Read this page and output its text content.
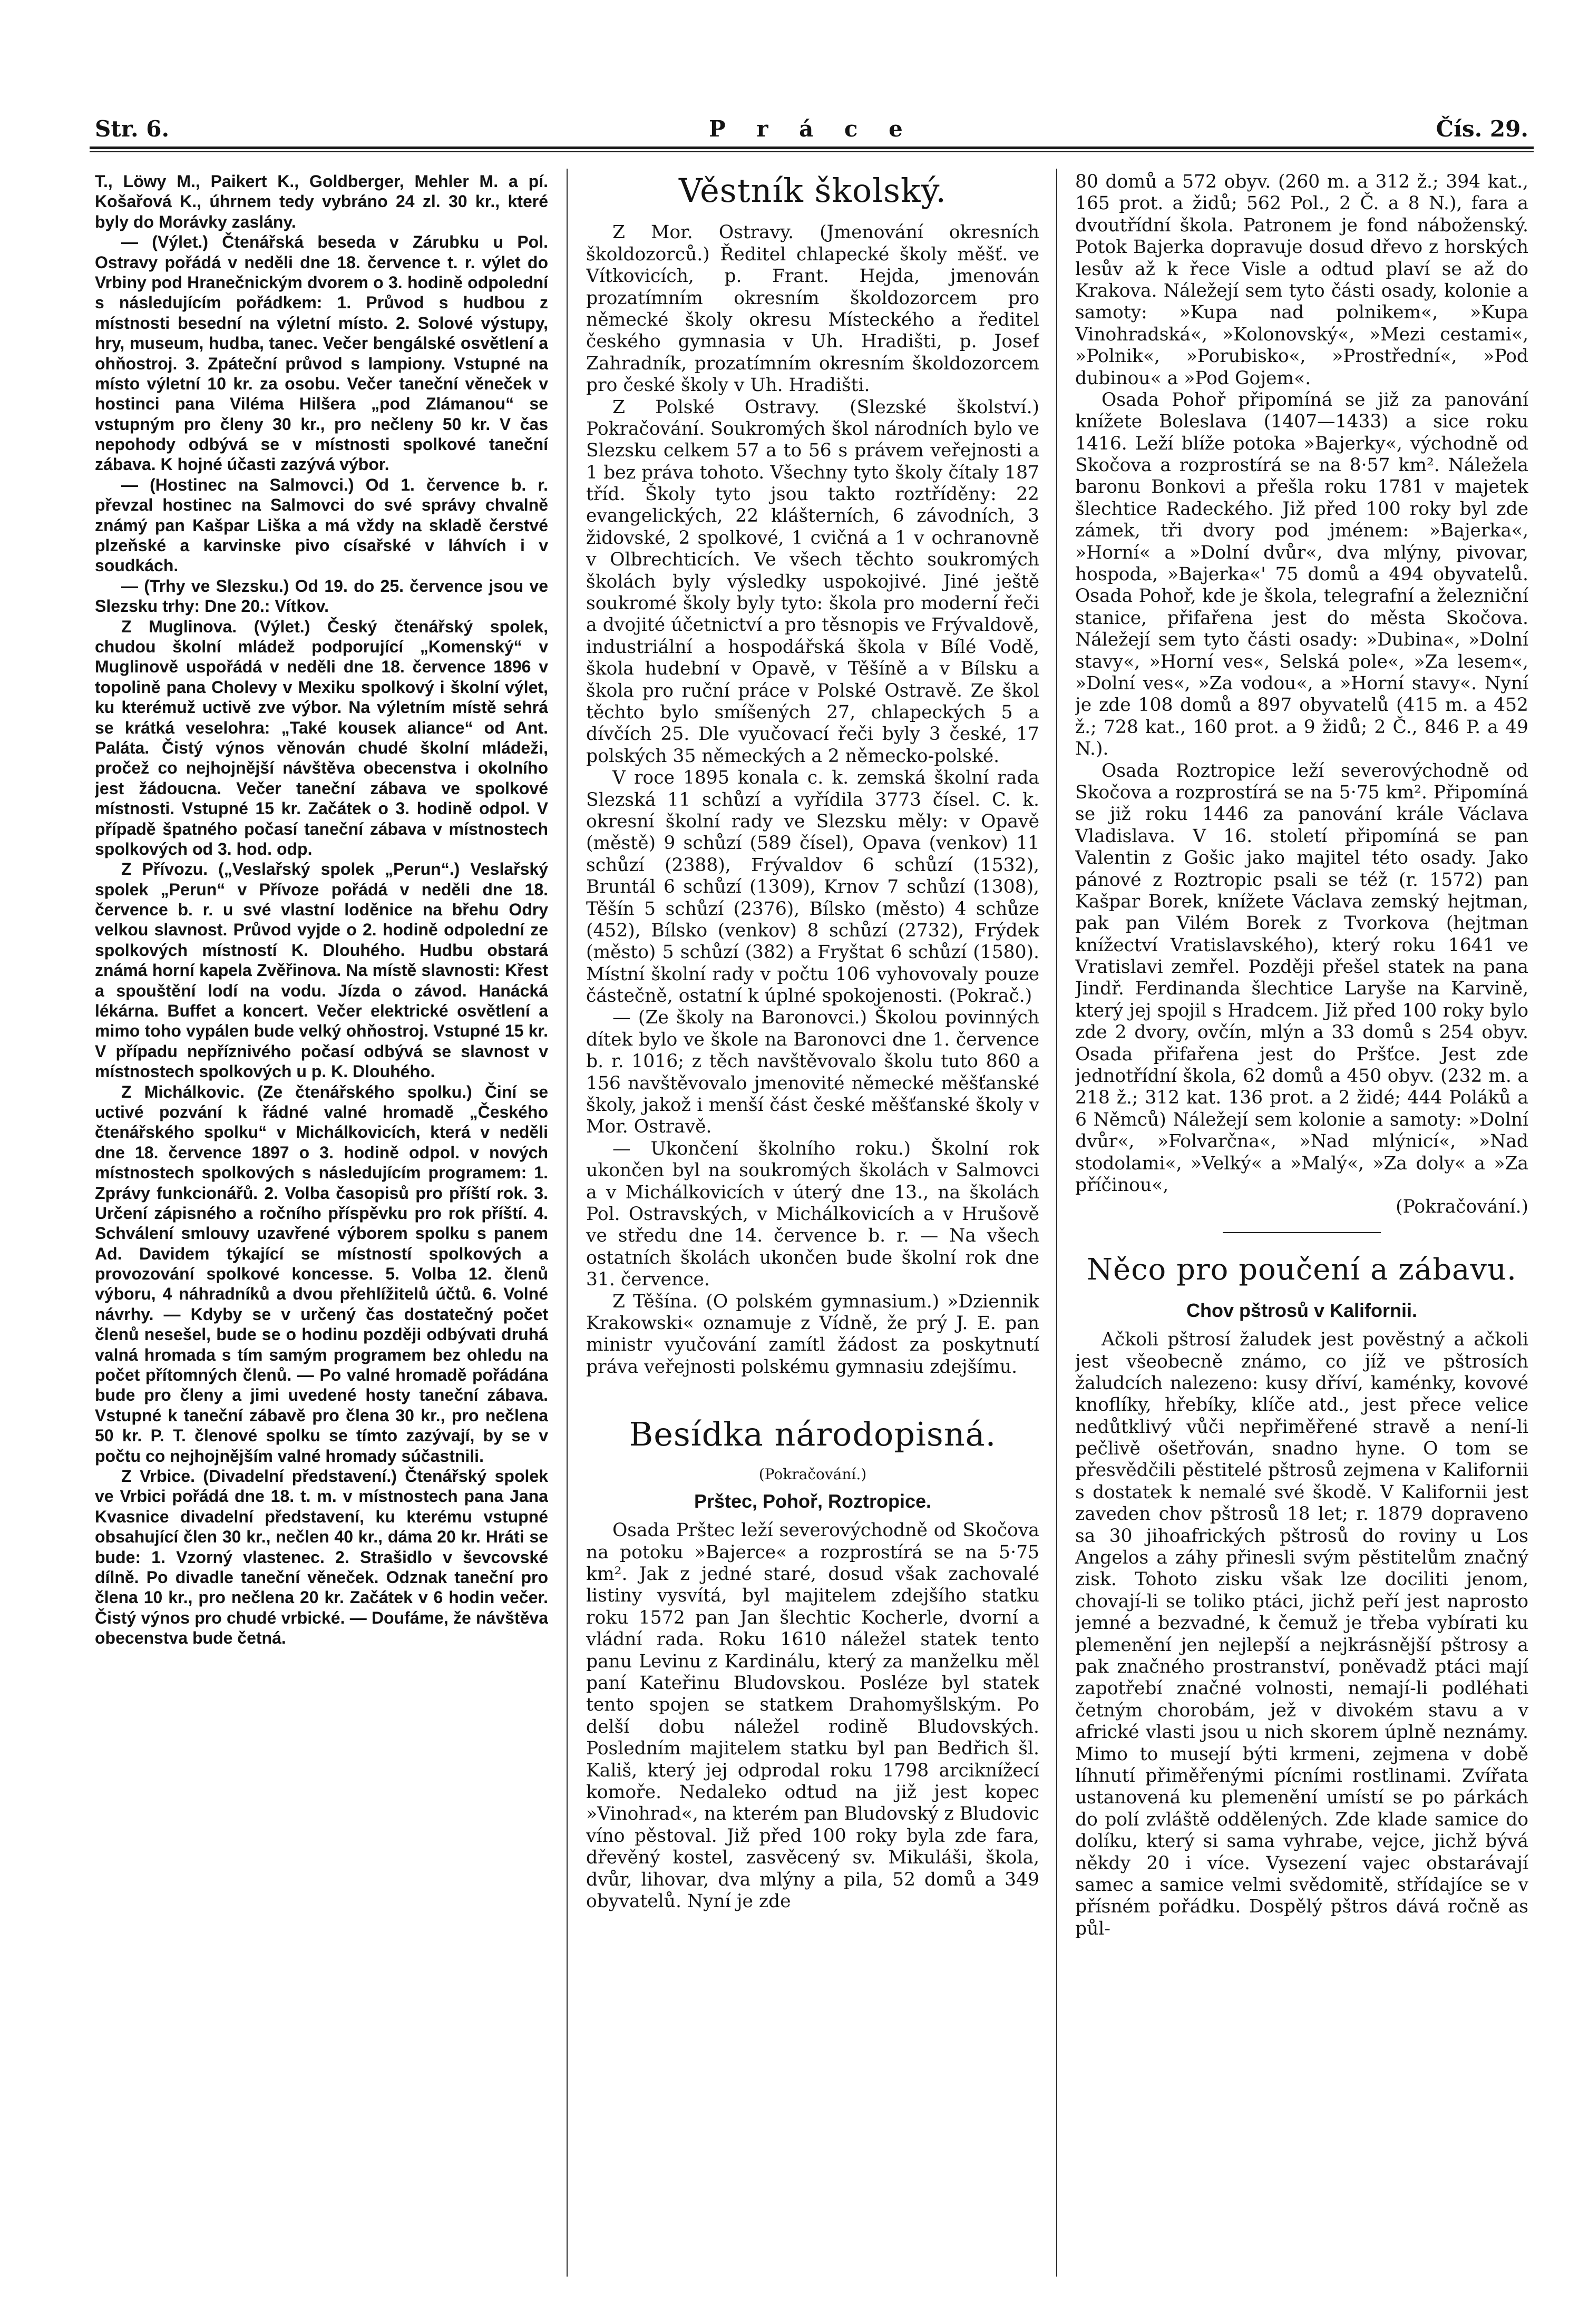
Str. 6.	P r á c e	Čís. 29.

T., Löwy M., Paikert K., Goldberger, Mehler M. a pí. Košařová K., úhrnem tedy vybráno 24 zl. 30 kr., které byly do Morávky zaslány.

— (Výlet.) Čtenářská beseda v Zárubku u Pol. Ostravy pořádá v neděli dne 18. července t. r. výlet do Vrbiny pod Hranečnickým dvorem o 3. hodině odpolední s následujícím pořádkem: 1. Průvod s hudbou z místnosti besední na výletní místo. 2. Solové výstupy, hry, museum, hudba, tanec. Večer bengálské osvětlení a ohňostroj. 3. Zpáteční průvod s lampiony. Vstupné na místo výletní 10 kr. za osobu. Večer taneční věneček v hostinci pana Viléma Hilšera „pod Zlámanou“ se vstupným pro členy 30 kr., pro nečleny 50 kr. V čas nepohody odbývá se v místnosti spolkové taneční zábava. K hojné účasti zazývá výbor.

— (Hostinec na Salmovci.) Od 1. července b. r. převzal hostinec na Salmovci do své správy chvalně známý pan Kašpar Liška a má vždy na skladě čerstvé plzeňské a karvinske pivo císařské v láhvích i v soudkách.

— (Trhy ve Slezsku.) Od 19. do 25. července jsou ve Slezsku trhy: Dne 20.: Vítkov.

Z Muglinova. (Výlet.) Český čtenářský spolek, chudou školní mládež podporující „Komenský“ v Muglinově uspořádá v neděli dne 18. července 1896 v topolině pana Cholevy v Mexiku spolkový i školní výlet, ku kterémuž uctivě zve výbor. Na výletním místě sehrá se krátká veselohra: „Také kousek aliance“ od Ant. Paláta. Čistý výnos věnován chudé školní mládeži, pročež co nejhojnější návštěva obecenstva i okolního jest žádoucna. Večer taneční zábava ve spolkové místnosti. Vstupné 15 kr. Začátek o 3. hodině odpol. V případě špatného počasí taneční zábava v místnostech spolkových od 3. hod. odp.

Z Přívozu. („Veslařský spolek „Perun“.) Veslařský spolek „Perun“ v Přívoze pořádá v neděli dne 18. července b. r. u své vlastní loděnice na břehu Odry velkou slavnost. Průvod vyjde o 2. hodině odpolední ze spolkových místností K. Dlouhého. Hudbu obstará známá horní kapela Zvěřinova. Na místě slavnosti: Křest a spouštění lodí na vodu. Jízda o závod. Hanácká lékárna. Buffet a koncert. Večer elektrické osvětlení a mimo toho vypálen bude velký ohňostroj. Vstupné 15 kr. V případu nepříznivého počasí odbývá se slavnost v místnostech spolkových u p. K. Dlouhého.

Z Michálkovic. (Ze čtenářského spolku.) Činí se uctivé pozvání k řádné valné hromadě „Českého čtenářského spolku“ v Michálkovicích, která v neděli dne 18. července 1897 o 3. hodině odpol. v nových místnostech spolkových s následujícím programem: 1. Zprávy funkcionářů. 2. Volba časopisů pro příští rok. 3. Určení zápisného a ročního příspěvku pro rok příští. 4. Schválení smlouvy uzavřené výborem spolku s panem Ad. Davidem týkající se místností spolkových a provozování spolkové koncesse. 5. Volba 12. členů výboru, 4 náhradníků a dvou přehlížitelů účtů. 6. Volné návrhy. — Kdyby se v určený čas dostatečný počet členů nesešel, bude se o hodinu později odbývati druhá valná hromada s tím samým programem bez ohledu na počet přítomných členů. — Po valné hromadě pořádána bude pro členy a jimi uvedené hosty taneční zábava. Vstupné k taneční zábavě pro člena 30 kr., pro nečlena 50 kr. P. T. členové spolku se tímto zazývají, by se v počtu co nejhojnějším valné hromady súčastnili.

Z Vrbice. (Divadelní představení.) Čtenářský spolek ve Vrbici pořádá dne 18. t. m. v místnostech pana Jana Kvasnice divadelní představení, ku kterému vstupné obsahující člen 30 kr., nečlen 40 kr., dáma 20 kr. Hráti se bude: 1. Vzorný vlastenec. 2. Strašidlo v ševcovské dílně. Po divadle taneční věneček. Odznak taneční pro člena 10 kr., pro nečlena 20 kr. Začátek v 6 hodin večer. Čistý výnos pro chudé vrbické. — Doufáme, že návštěva obecenstva bude četná.

Věstník školský.

Z Mor. Ostravy. (Jmenování okresních školdozorců.) Ředitel chlapecké školy měšť. ve Vítkovicích, p. Frant. Hejda, jmenován prozatímním okresním školdozorcem pro německé školy okresu Místeckého a ředitel českého gymnasia v Uh. Hradišti, p. Josef Zahradník, prozatímním okresním školdozorcem pro české školy v Uh. Hradišti.

Z Polské Ostravy. (Slezské školství.) Pokračování. Soukromých škol národních bylo ve Slezsku celkem 57 a to 56 s právem veřejnosti a 1 bez práva tohoto. Všechny tyto školy čítaly 187 tříd. Školy tyto jsou takto roztříděny: 22 evangelických, 22 klášterních, 6 závodních, 3 židovské, 2 spolkové, 1 cvičná a 1 v ochranovně v Olbrechticích. Ve všech těchto soukromých školách byly výsledky uspokojivé. Jiné ještě soukromé školy byly tyto: škola pro moderní řeči a dvojité účetnictví a pro těsnopis ve Frývaldově, industriální a hospodářská škola v Bílé Vodě, škola hudební v Opavě, v Těšíně a v Bílsku a škola pro ruční práce v Polské Ostravě. Ze škol těchto bylo smíšených 27, chlapeckých 5 a dívčích 25. Dle vyučovací řeči byly 3 české, 17 polských 35 německých a 2 německo-polské.

V roce 1895 konala c. k. zemská školní rada Slezská 11 schůzí a vyřídila 3773 čísel. C. k. okresní školní rady ve Slezsku měly: v Opavě (městě) 9 schůzí (589 čísel), Opava (venkov) 11 schůzí (2388), Frývaldov 6 schůzí (1532), Bruntál 6 schůzí (1309), Krnov 7 schůzí (1308), Těšín 5 schůzí (2376), Bílsko (město) 4 schůze (452), Bílsko (venkov) 8 schůzí (2732), Frýdek (město) 5 schůzí (382) a Fryštat 6 schůzí (1580). Místní školní rady v počtu 106 vyhovovaly pouze částečně, ostatní k úplné spokojenosti. (Pokrač.)

— (Ze školy na Baronovci.) Školou povinných dítek bylo ve škole na Baronovci dne 1. července b. r. 1016; z těch navštěvovalo školu tuto 860 a 156 navštěvovalo jmenovité německé měšťanské školy, jakož i menší část české měšťanské školy v Mor. Ostravě.

— Ukončení školního roku.) Školní rok ukončen byl na soukromých školách v Salmovci a v Michálkovicích v úterý dne 13., na školách Pol. Ostravských, v Michálkovicích a v Hrušově ve středu dne 14. července b. r. — Na všech ostatních školách ukončen bude školní rok dne 31. července.

Z Těšína. (O polském gymnasium.) »Dziennik Krakowski« oznamuje z Vídně, že prý J. E. pan ministr vyučování zamítl žádost za poskytnutí práva veřejnosti polskému gymnasiu zdejšímu.

Besídka národopisná.
(Pokračování.)
Prštec, Pohoř, Roztropice.

Osada Prštec leží severovýchodně od Skočova na potoku »Bajerce« a rozprostírá se na 5·75 km². Jak z jedné staré, dosud však zachovalé listiny vysvítá, byl majitelem zdejšího statku roku 1572 pan Jan šlechtic Kocherle, dvorní a vládní rada. Roku 1610 náležel statek tento panu Levinu z Kardinálu, který za manželku měl paní Kateřinu Bludovskou. Posléze byl statek tento spojen se statkem Drahomyšlským. Po delší dobu náležel rodině Bludovských. Posledním majitelem statku byl pan Bedřich šl. Kališ, který jej odprodal roku 1798 arciknížecí komoře. Nedaleko odtud na již jest kopec »Vinohrad«, na kterém pan Bludovský z Bludovic víno pěstoval. Již před 100 roky byla zde fara, dřevěný kostel, zasvěcený sv. Mikuláši, škola, dvůr, lihovar, dva mlýny a pila, 52 domů a 349 obyvatelů. Nyní je zde

80 domů a 572 obyv. (260 m. a 312 ž.; 394 kat., 165 prot. a židů; 562 Pol., 2 Č. a 8 N.), fara a dvoutřídní škola. Patronem je fond náboženský. Potok Bajerka dopravuje dosud dřevo z horských lesův až k řece Visle a odtud plaví se až do Krakova. Náležejí sem tyto části osady, kolonie a samoty: »Kupa nad polnikem«, »Kupa Vinohradská«, »Kolonovský«, »Mezi cestami«, »Polnik«, »Porubisko«, »Prostřední«, »Pod dubinou« a »Pod Gojem«.

Osada Pohoř připomíná se již za panování knížete Boleslava (1407—1433) a sice roku 1416. Leží blíže potoka »Bajerky«, východně od Skočova a rozprostírá se na 8·57 km². Náležela baronu Bonkovi a přešla roku 1781 v majetek šlechtice Radeckého. Již před 100 roky byl zde zámek, tři dvory pod jménem: »Bajerka«, »Horní« a »Dolní dvůr«, dva mlýny, pivovar, hospoda, »Bajerka«' 75 domů a 494 obyvatelů. Osada Pohoř, kde je škola, telegrafní a železniční stanice, přifařena jest do města Skočova. Náležejí sem tyto části osady: »Dubina«, »Dolní stavy«, »Horní ves«, Selská pole«, »Za lesem«, »Dolní ves«, »Za vodou«, a »Horní stavy«. Nyní je zde 108 domů a 897 obyvatelů (415 m. a 452 ž.; 728 kat., 160 prot. a 9 židů; 2 Č., 846 P. a 49 N.).

Osada Roztropice leží severovýchodně od Skočova a rozprostírá se na 5·75 km². Připomíná se již roku 1446 za panování krále Václava Vladislava. V 16. století připomíná se pan Valentin z Gošic jako majitel této osady. Jako pánové z Roztropic psali se též (r. 1572) pan Kašpar Borek, knížete Václava zemský hejtman, pak pan Vilém Borek z Tvorkova (hejtman knížectví Vratislavského), který roku 1641 ve Vratislavi zemřel. Později přešel statek na pana Jindř. Ferdinanda šlechtice Laryše na Karvině, který jej spojil s Hradcem. Již před 100 roky bylo zde 2 dvory, ovčín, mlýn a 33 domů s 254 obyv. Osada přifařena jest do Pršťce. Jest zde jednotřídní škola, 62 domů a 450 obyv. (232 m. a 218 ž.; 312 kat. 136 prot. a 2 židé; 444 Poláků a 6 Němců) Náležejí sem kolonie a samoty: »Dolní dvůr«, »Folvarčna«, »Nad mlýnicí«, »Nad stodolami«, »Velký« a »Malý«, »Za doly« a »Za příčinou«,

(Pokračování.)
Něco pro poučení a zábavu.
Chov pštrosů v Kalifornii.

Ačkoli pštrosí žaludek jest pověstný a ačkoli jest všeobecně známo, co jíž ve pštrosích žaludcích nalezeno: kusy dříví, kaménky, kovové knoflíky, hřebíky, klíče atd., jest přece velice nedůtklivý vůči nepřiměřené stravě a není-li pečlivě ošetřován, snadno hyne. O tom se přesvědčili pěstitelé pštrosů zejmena v Kalifornii s dostatek k nemalé své škodě. V Kalifornii jest zaveden chov pštrosů 18 let; r. 1879 dopraveno sa 30 jihoafrických pštrosů do roviny u Los Angelos a záhy přinesli svým pěstitelům značný zisk. Tohoto zisku však lze dociliti jenom, chovají-li se toliko ptáci, jichž peří jest naprosto jemné a bezvadné, k čemuž je třeba vybírati ku plemenění jen nejlepší a nejkrásnější pštrosy a pak značného prostranství, poněvadž ptáci mají zapotřebí značné volnosti, nemají-li podléhati četným chorobám, jež v divokém stavu a v africké vlasti jsou u nich skorem úplně neznámy. Mimo to musejí býti krmeni, zejmena v době líhnutí přiměřenými pícními rostlinami. Zvířata ustanovená ku plemenění umístí se po párkách do polí zvláště oddělených. Zde klade samice do dolíku, který si sama vyhrabe, vejce, jichž bývá někdy 20 i více. Vysezení vajec obstarávají samec a samice velmi svědomitě, střídajíce se v přísném pořádku. Dospělý pštros dává ročně as půl-
